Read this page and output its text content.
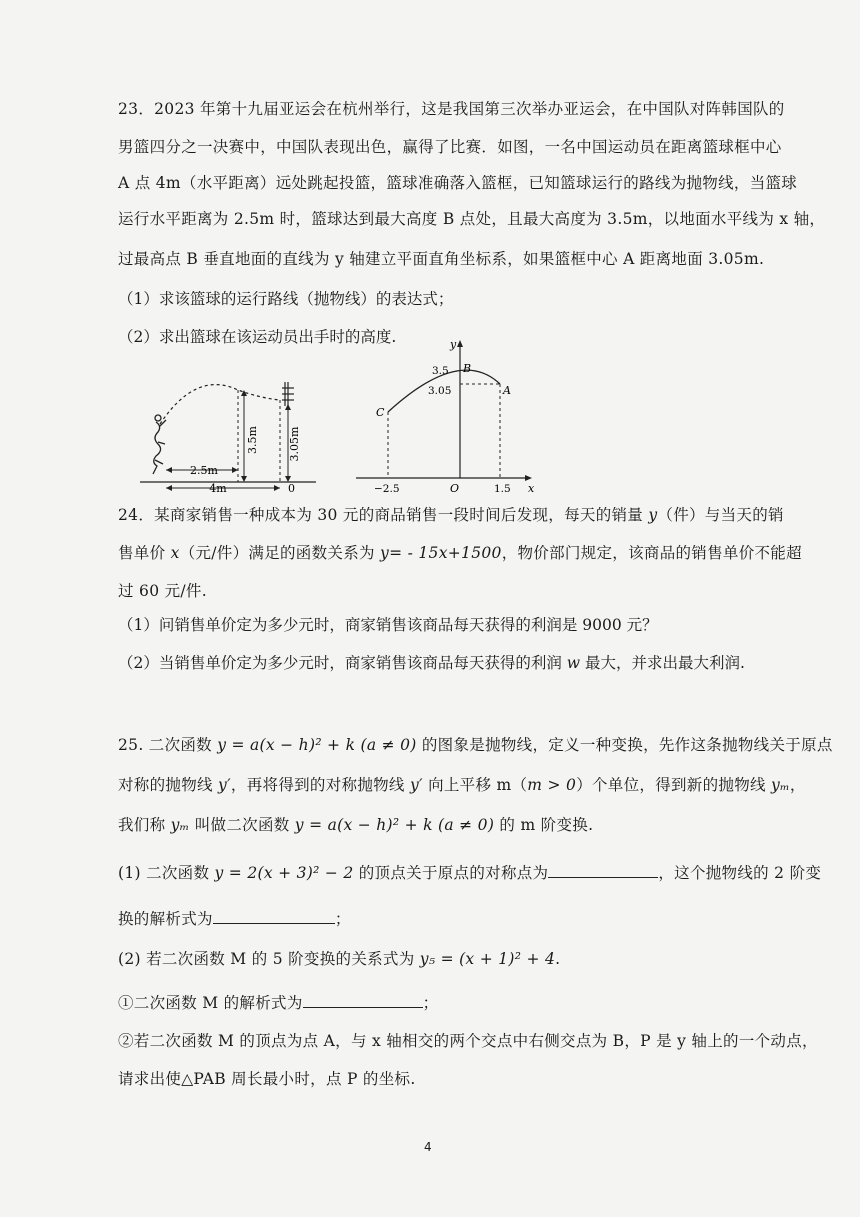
23．2023 年第十九届亚运会在杭州举行，这是我国第三次举办亚运会，在中国队对阵韩国队的
男篮四分之一决赛中，中国队表现出色，赢得了比赛．如图，一名中国运动员在距离篮球框中心
A 点 4m（水平距离）远处跳起投篮，篮球准确落入篮框，已知篮球运行的路线为抛物线，当篮球
运行水平距离为 2.5m 时，篮球达到最大高度 B 点处，且最大高度为 3.5m，以地面水平线为 x 轴，
过最高点 B 垂直地面的直线为 y 轴建立平面直角坐标系，如果篮框中心 A 距离地面 3.05m.
（1）求该篮球的运行路线（抛物线）的表达式；
（2）求出篮球在该运动员出手时的高度.
3.5m	3.05m
2.5m
4m	0
y
x
3.5 B
3.05	A
C
−2.5	O	1.5
24．某商家销售一种成本为 30 元的商品销售一段时间后发现，每天的销量 y（件）与当天的销
售单价 x（元/件）满足的函数关系为 y= - 15x+1500，物价部门规定，该商品的销售单价不能超
过 60 元/件.
（1）问销售单价定为多少元时，商家销售该商品每天获得的利润是 9000 元？
（2）当销售单价定为多少元时，商家销售该商品每天获得的利润 w 最大，并求出最大利润.
25. 二次函数 y = a(x − h)² + k (a ≠ 0) 的图象是抛物线，定义一种变换，先作这条抛物线关于原点
对称的抛物线 y′，再将得到的对称抛物线 y′ 向上平移 m（m > 0）个单位，得到新的抛物线 yₘ，
我们称 yₘ 叫做二次函数 y = a(x − h)² + k (a ≠ 0) 的 m 阶变换.
(1) 二次函数 y = 2(x + 3)² − 2 的顶点关于原点的对称点为	，这个抛物线的 2 阶变
换的解析式为	；
(2) 若二次函数 M 的 5 阶变换的关系式为 y₅ = (x + 1)² + 4.
①二次函数 M 的解析式为	；
②若二次函数 M 的顶点为点 A，与 x 轴相交的两个交点中右侧交点为 B，P 是 y 轴上的一个动点，
请求出使△PAB 周长最小时，点 P 的坐标.
4
